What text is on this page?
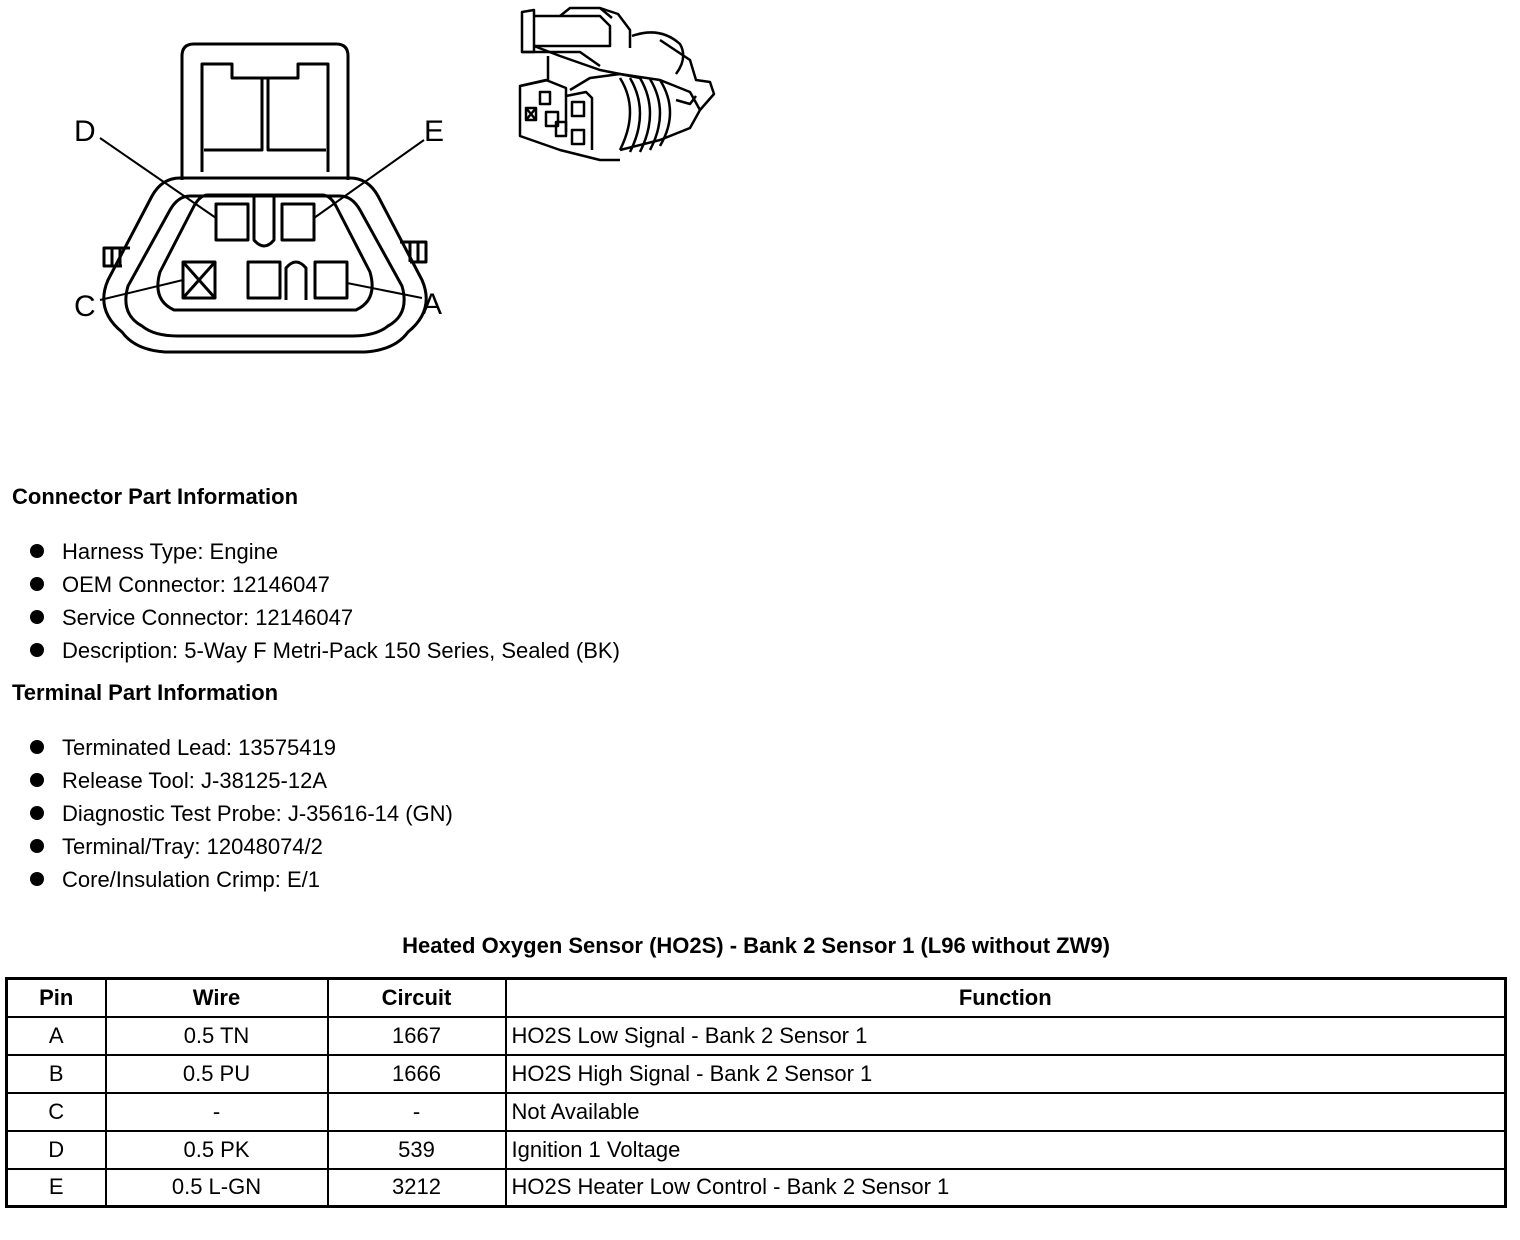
D	E
C	A
Connector Part Information
Harness Type: Engine
OEM Connector: 12146047
Service Connector: 12146047
Description: 5-Way F Metri-Pack 150 Series, Sealed (BK)
Terminal Part Information
Terminated Lead: 13575419
Release Tool: J-38125-12A
Diagnostic Test Probe: J-35616-14 (GN)
Terminal/Tray: 12048074/2
Core/Insulation Crimp: E/1
Heated Oxygen Sensor (HO2S) - Bank 2 Sensor 1 (L96 without ZW9)
Pin	Wire	Circuit	Function
A	0.5 TN	1667	HO2S Low Signal - Bank 2 Sensor 1
B	0.5 PU	1666	HO2S High Signal - Bank 2 Sensor 1
C	-	-	Not Available
D	0.5 PK	539	Ignition 1 Voltage
E	0.5 L-GN	3212	HO2S Heater Low Control - Bank 2 Sensor 1
